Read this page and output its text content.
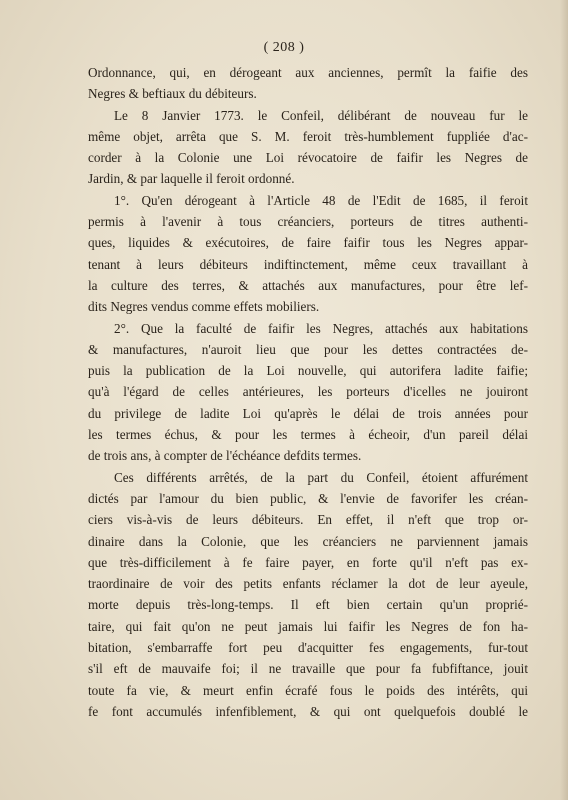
( 208 )
Ordonnance, qui, en dérogeant aux anciennes, permît la faifie des
Negres & beftiaux du débiteurs.
Le 8 Janvier 1773. le Confeil, délibérant de nouveau fur le
même objet, arrêta que S. M. feroit très-humblement fuppliée d'ac-
corder à la Colonie une Loi révocatoire de faifir les Negres de
Jardin, & par laquelle il feroit ordonné.
1°. Qu'en dérogeant à l'Article 48 de l'Edit de 1685, il feroit
permis à l'avenir à tous créanciers, porteurs de titres authenti-
ques, liquides & exécutoires, de faire faifir tous les Negres appar-
tenant à leurs débiteurs indiftinctement, même ceux travaillant à
la culture des terres, & attachés aux manufactures, pour être lef-
dits Negres vendus comme effets mobiliers.
2°. Que la faculté de faifir les Negres, attachés aux habitations
& manufactures, n'auroit lieu que pour les dettes contractées de-
puis la publication de la Loi nouvelle, qui autorifera ladite faifie;
qu'à l'égard de celles antérieures, les porteurs d'icelles ne jouiront
du privilege de ladite Loi qu'après le délai de trois années pour
les termes échus, & pour les termes à écheoir, d'un pareil délai
de trois ans, à compter de l'échéance defdits termes.
Ces différents arrêtés, de la part du Confeil, étoient affurément
dictés par l'amour du bien public, & l'envie de favorifer les créan-
ciers vis-à-vis de leurs débiteurs. En effet, il n'eft que trop or-
dinaire dans la Colonie, que les créanciers ne parviennent jamais
que très-difficilement à fe faire payer, en forte qu'il n'eft pas ex-
traordinaire de voir des petits enfants réclamer la dot de leur ayeule,
morte depuis très-long-temps. Il eft bien certain qu'un proprié-
taire, qui fait qu'on ne peut jamais lui faifir les Negres de fon ha-
bitation, s'embarraffe fort peu d'acquitter fes engagements, fur-tout
s'il eft de mauvaife foi; il ne travaille que pour fa fubfiftance, jouit
toute fa vie, & meurt enfin écrafé fous le poids des intérêts, qui
fe font accumulés infenfiblement, & qui ont quelquefois doublé le
